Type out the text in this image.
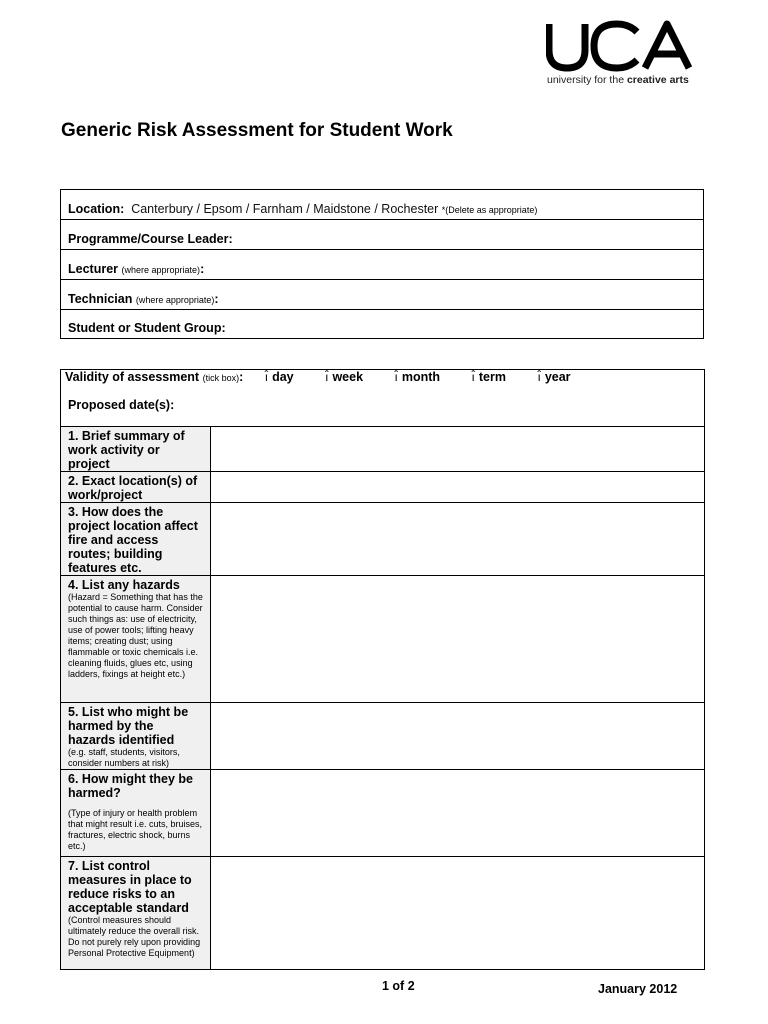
university for the creative arts
Generic Risk Assessment for Student Work
Location: Canterbury / Epsom / Farnham / Maidstone / Rochester *(Delete as appropriate)
Programme/Course Leader:
Lecturer (where appropriate):
Technician (where appropriate):
Student or Student Group:
Validity of assessment (tick box): ı̂ day ı̂ week ı̂ month ı̂ term ı̂ year
Proposed date(s):	

1. Brief summary of work activity or project	
2. Exact location(s) of work/project	
3. How does the project location affect fire and access routes; building features etc.	
4. List any hazards
(Hazard = Something that has the potential to cause harm. Consider such things as: use of electricity, use of power tools; lifting heavy items; creating dust; using flammable or toxic chemicals i.e. cleaning fluids, glues etc, using ladders, fixings at height etc.)	

5. List who might be harmed by the hazards identified
(e.g. staff, students, visitors, consider numbers at risk)	

6. How might they be harmed?
(Type of injury or health problem that might result i.e. cuts, bruises, fractures, electric shock, burns etc.)	

7. List control measures in place to reduce risks to an acceptable standard
(Control measures should ultimately reduce the overall risk. Do not purely rely upon providing Personal Protective Equipment)	

1 of 2	January 2012
